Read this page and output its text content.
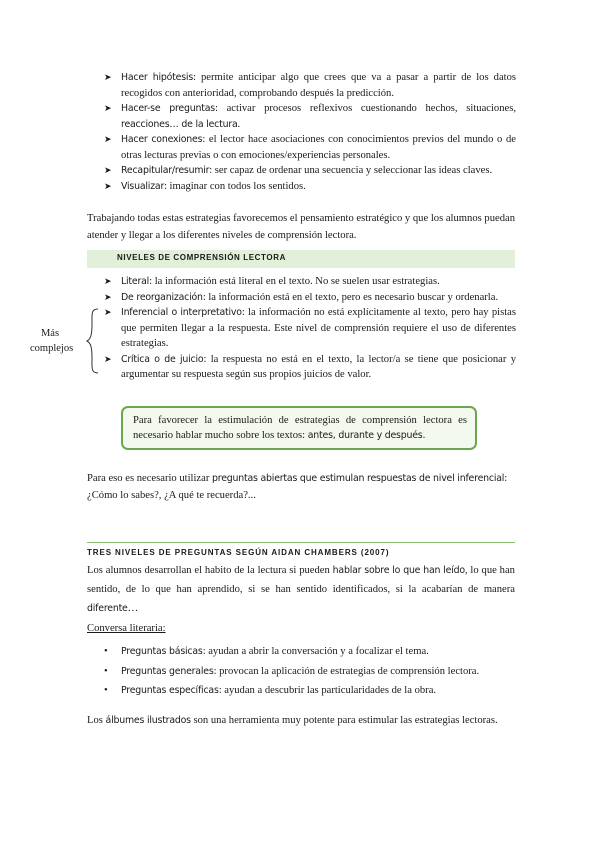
➤ Hacer hipótesis: permite anticipar algo que crees que va a pasar a partir de los datos recogidos con anterioridad, comprobando después la predicción.
➤ Hacer-se preguntas: activar procesos reflexivos cuestionando hechos, situaciones, reacciones… de la lectura.
➤ Hacer conexiones: el lector hace asociaciones con conocimientos previos del mundo o de otras lecturas previas o con emociones/experiencias personales.
➤ Recapitular/resumir: ser capaz de ordenar una secuencia y seleccionar las ideas claves.
➤ Visualizar: imaginar con todos los sentidos.
Trabajando todas estas estrategias favorecemos el pensamiento estratégico y que los alumnos puedan atender y llegar a los diferentes niveles de comprensión lectora.
NIVELES DE COMPRENSIÓN LECTORA
➤ Literal: la información está literal en el texto. No se suelen usar estrategias.
➤ De reorganización: la información está en el texto, pero es necesario buscar y ordenarla.
➤ Inferencial o interpretativo: la información no está explícitamente al texto, pero hay pistas que permiten llegar a la respuesta. Este nivel de comprensión requiere el uso de diferentes estrategias.
➤ Crítica o de juicio: la respuesta no está en el texto, la lector/a se tiene que posicionar y argumentar su respuesta según sus propios juicios de valor.
Más
complejos
Para favorecer la estimulación de estrategias de comprensión lectora es necesario hablar mucho sobre los textos: antes, durante y después.
Para eso es necesario utilizar preguntas abiertas que estimulan respuestas de nivel inferencial:
¿Cómo lo sabes?, ¿A qué te recuerda?...
TRES NIVELES DE PREGUNTAS SEGÚN AIDAN CHAMBERS (2007)
Los alumnos desarrollan el habito de la lectura si pueden hablar sobre lo que han leído, lo que han sentido, de lo que han aprendido, si se han sentido identificados, si la acabarían de manera diferente…
Conversa literaria:
• Preguntas básicas: ayudan a abrir la conversación y a focalizar el tema.
• Preguntas generales: provocan la aplicación de estrategias de comprensión lectora.
• Preguntas específicas: ayudan a descubrir las particularidades de la obra.
Los álbumes ilustrados son una herramienta muy potente para estimular las estrategias lectoras.
